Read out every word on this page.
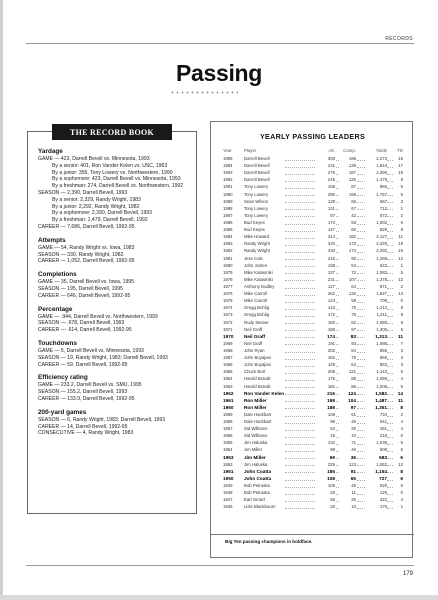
RECORDS
Passing
THE RECORD BOOK
Yardage
GAME — 423, Darrell Bevell vs. Minnesota, 1993
By a senior: 401, Ron Vander Kelen vs. USC, 1963
By a junior: 355, Tony Lowery vs. Northwestern, 1990
By a sophomore: 423, Darrell Bevell vs. Minnesota, 1993
By a freshman: 274, Darrell Bevell vs. Northwestern, 1992
SEASON — 2,390, Darrell Bevell, 1993
By a senior: 2,329, Randy Wright, 1983
By a junior: 2,292, Randy Wright, 1982
By a sophomore: 2,390, Darrell Bevell, 1993
By a freshman: 1,479, Darrell Bevell, 1992
CAREER — 7,686, Darrell Bevell, 1992-95
Attempts
GAME — 54, Randy Wright vs. Iowa, 1983
SEASON — 330, Randy Wright, 1982
CAREER — 1,052, Darrell Bevell, 1992-95
Completions
GAME — 35, Darrell Bevell vs. Iowa, 1995
SEASON — 195, Darrell Bevell, 1995
CAREER — 646, Darrell Bevell, 1992-95
Percentage
GAME — .944, Darrell Bevell vs. Northwestern, 1993
SEASON — .678, Darrell Bevell, 1993
CAREER — .614, Darrell Bevell, 1992-95
Touchdowns
GAME — 5, Darrell Bevell vs. Minnesota, 1993
SEASON — 19, Randy Wright, 1983; Darrell Bevell, 1993
CAREER — 59, Darrell Bevell, 1992-95
Efficiency rating
GAME — 233.2, Darrell Bevell vs. SMU, 1995
SEASON — 155.2, Darrell Bevell, 1993
CAREER — 133.9, Darrell Bevell, 1992-95
200-yard games
SEASON — 6, Randy Wright, 1983; Darrell Bevell, 1993
CAREER — 14, Darrell Bevell, 1992-95
CONSECUTIVE — 4, Randy Wright, 1983
YEARLY PASSING LEADERS
Year	Player	Att.	Comp.	Yards	TD
1995	Darrell Bevell	300	195	2,273	15
1994	Darrell Bevell	231	139	1,544	17
1993	Darrell Bevell	276	187	2,390	19
1992	Darrell Bevell	245	125	1,479	8
1991	Tony Lowery	158	87	965	6
1990	Tony Lowery	280	159	1,757	5
1989	Sean Wilson	129	66	667	3
1988	Tony Lowery	131	67	712	1
1987	Tony Lowery	87	42	572	2
1986	Bud Keyes	174	93	1,002	5
1985	Bud Keyes	147	60	829	8
1984	Mike Howard	314	182	2,127	11
1983	Randy Wright	320	173	2,329	19
1982	Randy Wright	330	174	2,292	15
1981	Jess Cole	215	90	1,269	12
1980	John Josten	138	53	622	1
1979	Mike Kalasmiki	137	72	1,083	5
1978	Mike Kalasmiki	231	107	1,378	12
1977	Anthony Dudley	127	64	871	2
1976	Mike Carroll	262	132	1,627	13
1975	Mike Carroll	123	58	708	0
1974	Gregg Bohlig	143	79	1,212	8
1973	Gregg Bohlig	172	78	1,211	8
1972	Rudy Steiner	150	62	1,080	9
1971	Neil Graff	186	97	1,300	5
1970 Neil Graff	174	83	1,313	11
1969	Neil Graff	191	93	1,086	7
1968	John Ryan	202	84	855	3
1967	John Boyajian	152	79	966	3
1966	John Boyajian	129	64	863	3
1965	Chuck Burt	205	121	1,143	5
1964	Harold Brandt	176	85	1,059	4
1963	Harold Brandt	181	86	1,006	6
1962 Ron Vander Kelen	216	124	1,582	14
1961 Ron Miller	198	104	1,487	11
1960 Ron Miller	188	97	1,351	8
1959	Dale Hackbart	108	51	734	2
1958	Dale Hackbart	99	46	641	4
1957	Sid Williams	54	25	451	4
1956	Sid Williams	19	10	216	0
1955	Jim Haluska	132	71	1,036	6
1954	Jim Miller	88	46	608	5
1953 Jim Miller	69	36	683	6
1952	Jim Haluska	225	123	1,552	12
1951 John Coatta	185	91	1,154	8
1950 John Coatta	108	65	727	6
1949	Bob Petruska	106	45	620	6
1948	Bob Petruska	26	11	129	0
1947	Earl Girard	55	25	322	4
1946	Lisle Blackbourn	26	10	175	1
Big Ten passing champions in boldface.
179
